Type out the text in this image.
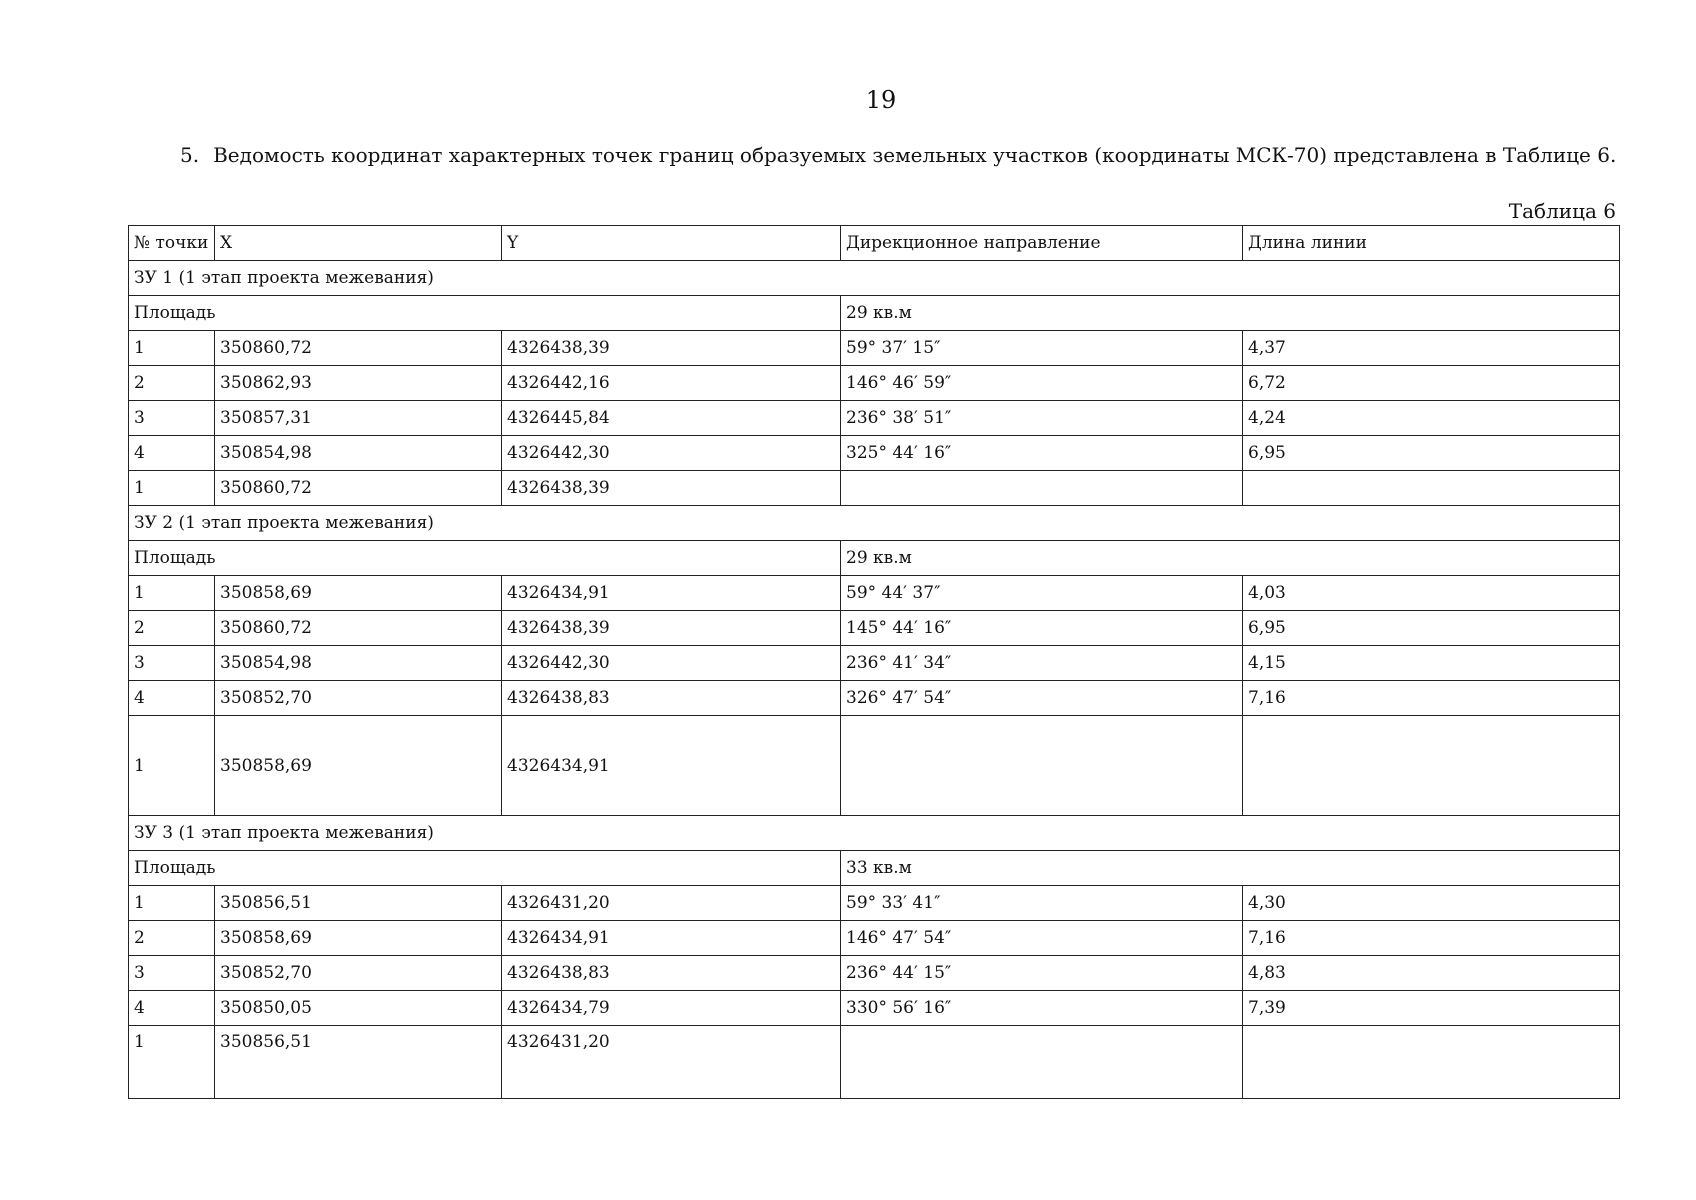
19
5. Ведомость координат характерных точек границ образуемых земельных участков (координаты МСК-70) представлена в Таблице 6.
Таблица 6
№ точки	X	Y	Дирекционное направление	Длина линии
ЗУ 1 (1 этап проекта межевания)				
Площадь			29 кв.м	
1	350860,72	4326438,39	59° 37′ 15″	4,37
2	350862,93	4326442,16	146° 46′ 59″	6,72
3	350857,31	4326445,84	236° 38′ 51″	4,24
4	350854,98	4326442,30	325° 44′ 16″	6,95
1	350860,72	4326438,39		
ЗУ 2 (1 этап проекта межевания)				
Площадь			29 кв.м	
1	350858,69	4326434,91	59° 44′ 37″	4,03
2	350860,72	4326438,39	145° 44′ 16″	6,95
3	350854,98	4326442,30	236° 41′ 34″	4,15
4	350852,70	4326438,83	326° 47′ 54″	7,16
1	350858,69	4326434,91		
ЗУ 3 (1 этап проекта межевания)				
Площадь			33 кв.м	
1	350856,51	4326431,20	59° 33′ 41″	4,30
2	350858,69	4326434,91	146° 47′ 54″	7,16
3	350852,70	4326438,83	236° 44′ 15″	4,83
4	350850,05	4326434,79	330° 56′ 16″	7,39
1	350856,51	4326431,20		
